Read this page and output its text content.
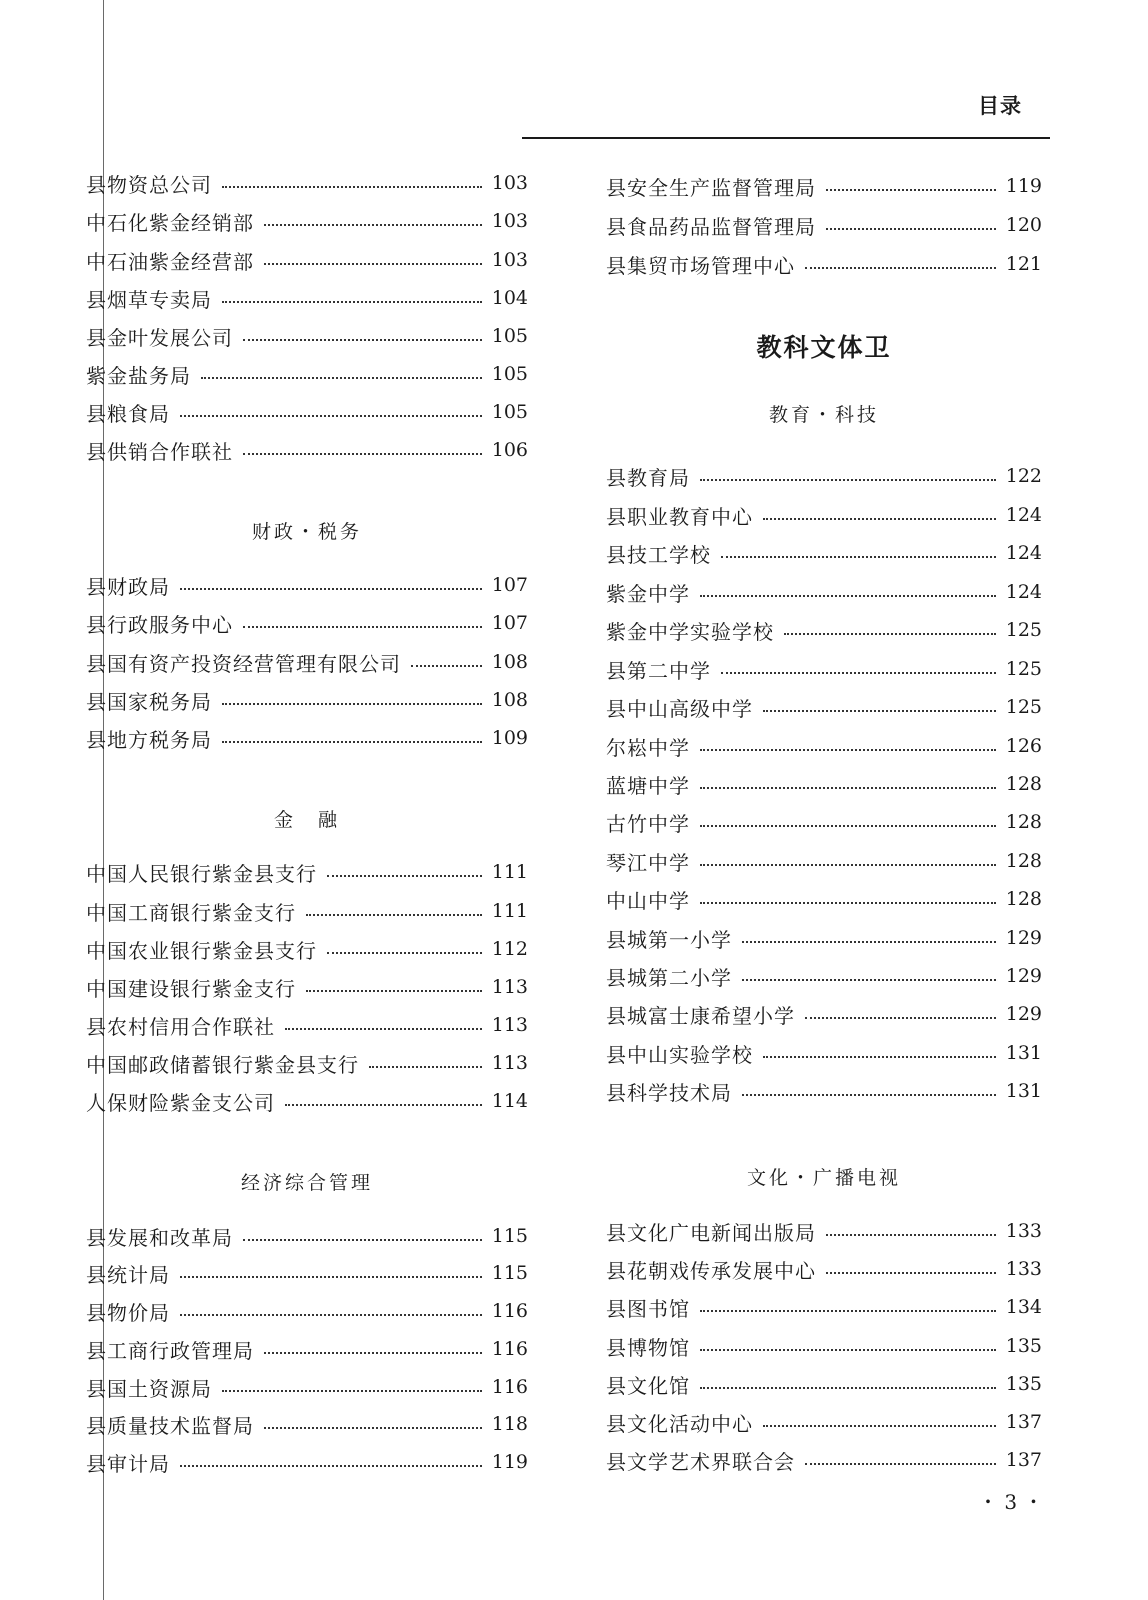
目录
县物资总公司	103
中石化紫金经销部	103
中石油紫金经营部	103
县烟草专卖局	104
县金叶发展公司	105
紫金盐务局	105
县粮食局	105
县供销合作联社	106
财政・税务
县财政局	107
县行政服务中心	107
县国有资产投资经营管理有限公司	108
县国家税务局	108
县地方税务局	109
金　融
中国人民银行紫金县支行	111
中国工商银行紫金支行	111
中国农业银行紫金县支行	112
中国建设银行紫金支行	113
县农村信用合作联社	113
中国邮政储蓄银行紫金县支行	113
人保财险紫金支公司	114
经济综合管理
县发展和改革局	115
县统计局	115
县物价局	116
县工商行政管理局	116
县国土资源局	116
县质量技术监督局	118
县审计局	119
县安全生产监督管理局	119
县食品药品监督管理局	120
县集贸市场管理中心	121
教科文体卫
教育・科技
县教育局	122
县职业教育中心	124
县技工学校	124
紫金中学	124
紫金中学实验学校	125
县第二中学	125
县中山高级中学	125
尔崧中学	126
蓝塘中学	128
古竹中学	128
琴江中学	128
中山中学	128
县城第一小学	129
县城第二小学	129
县城富士康希望小学	129
县中山实验学校	131
县科学技术局	131
文化・广播电视
县文化广电新闻出版局	133
县花朝戏传承发展中心	133
县图书馆	134
县博物馆	135
县文化馆	135
县文化活动中心	137
县文学艺术界联合会	137
・ 3 ・
